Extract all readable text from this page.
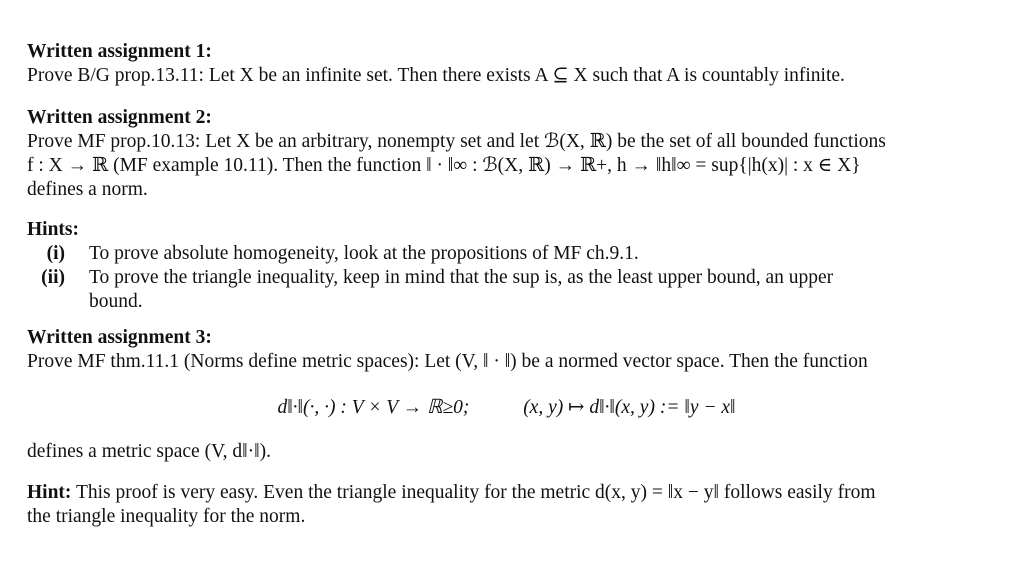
Written assignment 1:
Prove B/G prop.13.11: Let X be an infinite set. Then there exists A ⊆ X such that A is countably infinite.
Written assignment 2:
Prove MF prop.10.13: Let X be an arbitrary, nonempty set and let ℬ(X, ℝ) be the set of all bounded functions
f : X → ℝ (MF example 10.11). Then the function ‖ · ‖∞ : ℬ(X, ℝ) → ℝ+, h → ‖h‖∞ = sup{|h(x)| : x ∈ X}
defines a norm.
Hints:
(i) To prove absolute homogeneity, look at the propositions of MF ch.9.1.
(ii) To prove the triangle inequality, keep in mind that the sup is, as the least upper bound, an upper
bound.
Written assignment 3:
Prove MF thm.11.1 (Norms define metric spaces): Let (V, ‖ · ‖) be a normed vector space. Then the function
d‖·‖(·, ·) : V × V → ℝ≥0;	(x, y) ↦ d‖·‖(x, y) := ‖y − x‖
defines a metric space (V, d‖·‖).
Hint: This proof is very easy. Even the triangle inequality for the metric d(x, y) = ‖x − y‖ follows easily from
the triangle inequality for the norm.
